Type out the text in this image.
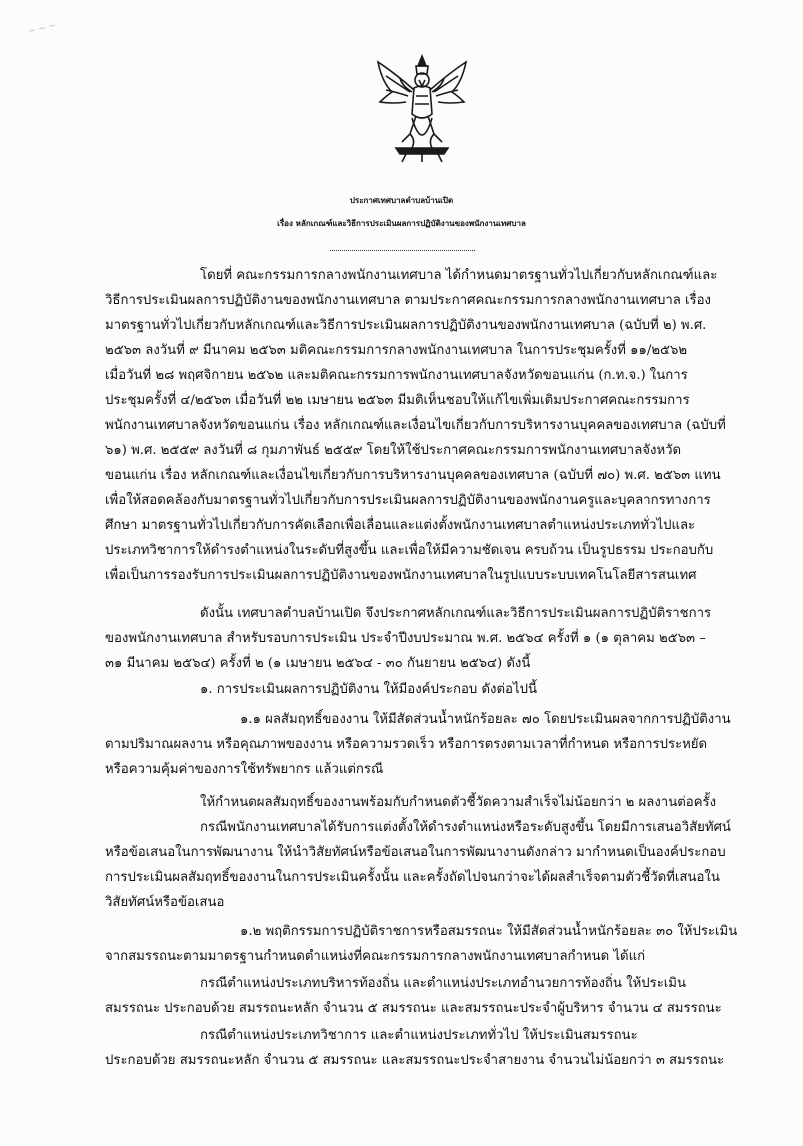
~ ~ ~
ประกาศเทศบาลตำบลบ้านเปิด
เรื่อง หลักเกณฑ์และวิธีการประเมินผลการปฏิบัติงานของพนักงานเทศบาล
โดยที่ คณะกรรมการกลางพนักงานเทศบาล ได้กำหนดมาตรฐานทั่วไปเกี่ยวกับหลักเกณฑ์และ
วิธีการประเมินผลการปฏิบัติงานของพนักงานเทศบาล ตามประกาศคณะกรรมการกลางพนักงานเทศบาล เรื่อง
มาตรฐานทั่วไปเกี่ยวกับหลักเกณฑ์และวิธีการประเมินผลการปฏิบัติงานของพนักงานเทศบาล (ฉบับที่ ๒) พ.ศ.
๒๕๖๓ ลงวันที่ ๙ มีนาคม ๒๕๖๓ มติคณะกรรมการกลางพนักงานเทศบาล ในการประชุมครั้งที่ ๑๑/๒๕๖๒
เมื่อวันที่ ๒๘ พฤศจิกายน ๒๕๖๒ และมติคณะกรรมการพนักงานเทศบาลจังหวัดขอนแก่น (ก.ท.จ.) ในการ
ประชุมครั้งที่ ๔/๒๕๖๓ เมื่อวันที่ ๒๒ เมษายน ๒๕๖๓ มีมติเห็นชอบให้แก้ไขเพิ่มเติมประกาศคณะกรรมการ
พนักงานเทศบาลจังหวัดขอนแก่น เรื่อง หลักเกณฑ์และเงื่อนไขเกี่ยวกับการบริหารงานบุคคลของเทศบาล (ฉบับที่
๖๑) พ.ศ. ๒๕๕๙ ลงวันที่ ๘ กุมภาพันธ์ ๒๕๕๙ โดยให้ใช้ประกาศคณะกรรมการพนักงานเทศบาลจังหวัด
ขอนแก่น เรื่อง หลักเกณฑ์และเงื่อนไขเกี่ยวกับการบริหารงานบุคคลของเทศบาล (ฉบับที่ ๗๐) พ.ศ. ๒๕๖๓ แทน
เพื่อให้สอดคล้องกับมาตรฐานทั่วไปเกี่ยวกับการประเมินผลการปฏิบัติงานของพนักงานครูและบุคลากรทางการ
ศึกษา มาตรฐานทั่วไปเกี่ยวกับการคัดเลือกเพื่อเลื่อนและแต่งตั้งพนักงานเทศบาลตำแหน่งประเภททั่วไปและ
ประเภทวิชาการให้ดำรงตำแหน่งในระดับที่สูงขึ้น และเพื่อให้มีความชัดเจน ครบถ้วน เป็นรูปธรรม ประกอบกับ
เพื่อเป็นการรองรับการประเมินผลการปฏิบัติงานของพนักงานเทศบาลในรูปแบบระบบเทคโนโลยีสารสนเทศ
ดังนั้น เทศบาลตำบลบ้านเปิด จึงประกาศหลักเกณฑ์และวิธีการประเมินผลการปฏิบัติราชการ
ของพนักงานเทศบาล สำหรับรอบการประเมิน ประจำปีงบประมาณ พ.ศ. ๒๕๖๔ ครั้งที่ ๑ (๑ ตุลาคม ๒๕๖๓ –
๓๑ มีนาคม ๒๕๖๔) ครั้งที่ ๒ (๑ เมษายน ๒๕๖๔ - ๓๐ กันยายน ๒๕๖๔) ดังนี้
๑. การประเมินผลการปฏิบัติงาน ให้มีองค์ประกอบ ดังต่อไปนี้
๑.๑ ผลสัมฤทธิ์ของงาน ให้มีสัดส่วนน้ำหนักร้อยละ ๗๐ โดยประเมินผลจากการปฏิบัติงาน
ตามปริมาณผลงาน หรือคุณภาพของงาน หรือความรวดเร็ว หรือการตรงตามเวลาที่กำหนด หรือการประหยัด
หรือความคุ้มค่าของการใช้ทรัพยากร แล้วแต่กรณี
ให้กำหนดผลสัมฤทธิ์ของงานพร้อมกับกำหนดตัวชี้วัดความสำเร็จไม่น้อยกว่า ๒ ผลงานต่อครั้ง
กรณีพนักงานเทศบาลได้รับการแต่งตั้งให้ดำรงตำแหน่งหรือระดับสูงขึ้น โดยมีการเสนอวิสัยทัศน์
หรือข้อเสนอในการพัฒนางาน ให้นำวิสัยทัศน์หรือข้อเสนอในการพัฒนางานดังกล่าว มากำหนดเป็นองค์ประกอบ
การประเมินผลสัมฤทธิ์ของงานในการประเมินครั้งนั้น และครั้งถัดไปจนกว่าจะได้ผลสำเร็จตามตัวชี้วัดที่เสนอใน
วิสัยทัศน์หรือข้อเสนอ
๑.๒ พฤติกรรมการปฏิบัติราชการหรือสมรรถนะ ให้มีสัดส่วนน้ำหนักร้อยละ ๓๐ ให้ประเมิน
จากสมรรถนะตามมาตรฐานกำหนดตำแหน่งที่คณะกรรมการกลางพนักงานเทศบาลกำหนด ได้แก่
กรณีตำแหน่งประเภทบริหารท้องถิ่น และตำแหน่งประเภทอำนวยการท้องถิ่น ให้ประเมิน
สมรรถนะ ประกอบด้วย สมรรถนะหลัก จำนวน ๕ สมรรถนะ และสมรรถนะประจำผู้บริหาร จำนวน ๔ สมรรถนะ
กรณีตำแหน่งประเภทวิชาการ และตำแหน่งประเภททั่วไป ให้ประเมินสมรรถนะ
ประกอบด้วย สมรรถนะหลัก จำนวน ๕ สมรรถนะ และสมรรถนะประจำสายงาน จำนวนไม่น้อยกว่า ๓ สมรรถนะ
